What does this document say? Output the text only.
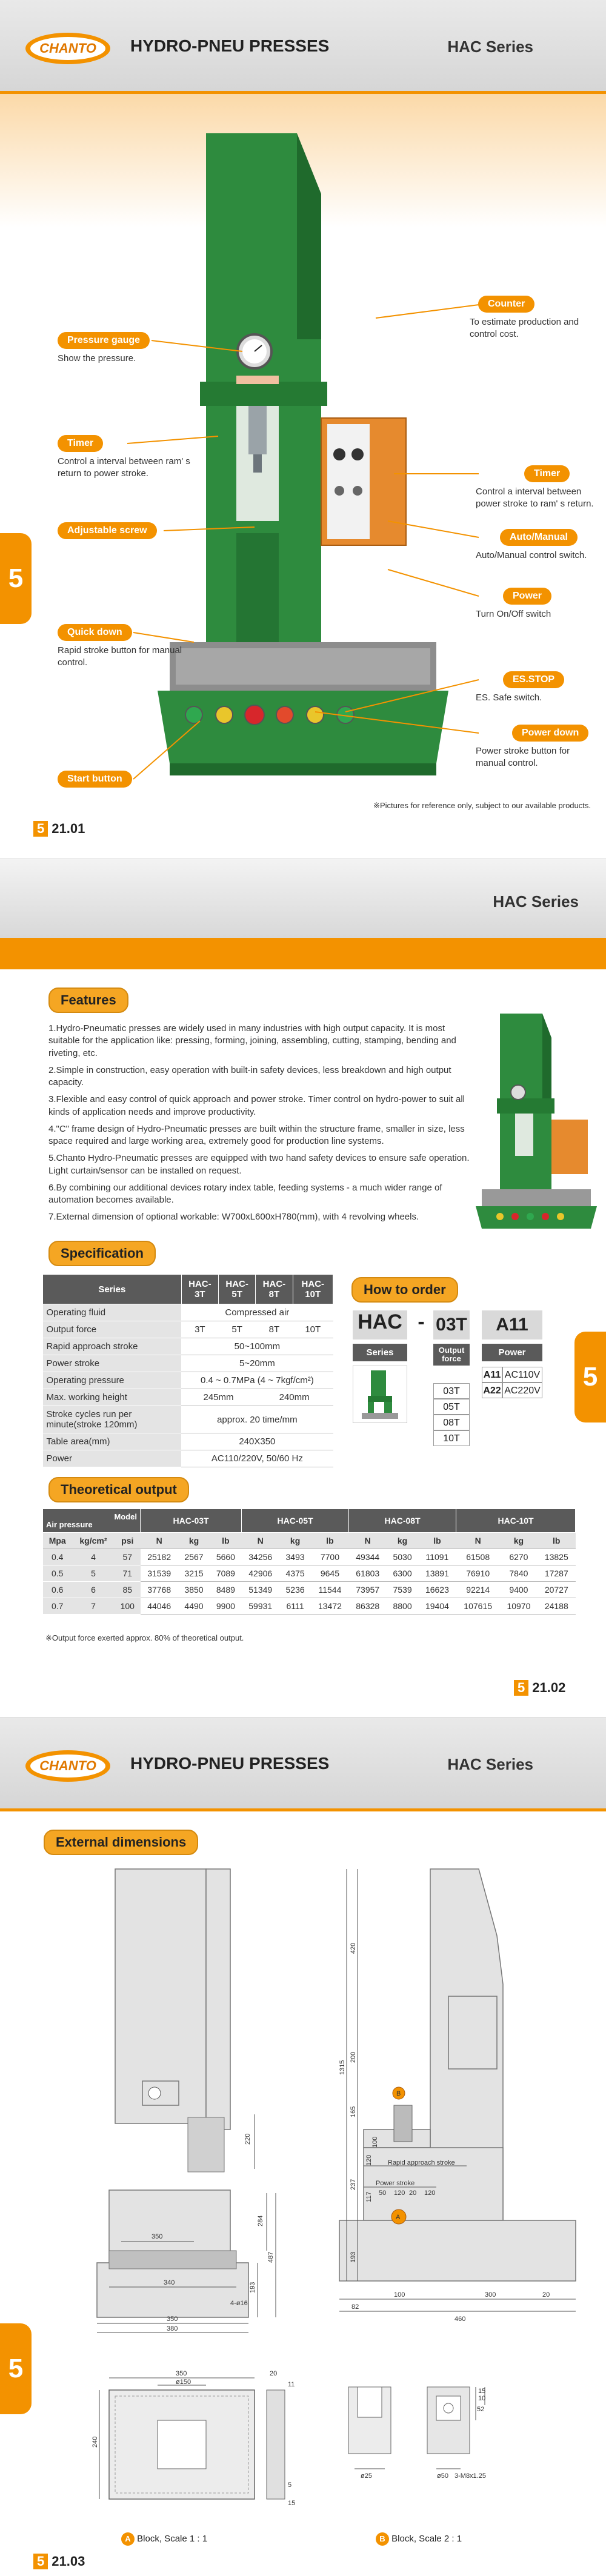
CHANTO HYDRO-PNEU PRESSES	HAC Series
5
Pressure gauge
Show the pressure.
Timer
Control a interval between ram' s return to power stroke.
Adjustable screw
Quick down
Rapid stroke button for manual control.
Start button
Counter
To estimate production and control cost.
Timer
Control a interval between power stroke to ram' s return.
Auto/Manual
Auto/Manual control switch.
Power
Turn On/Off switch
ES.STOP
ES. Safe switch.
Power down
Power stroke button for manual control.
※Pictures for reference only, subject to our available products.
5 21.01
HAC Series
5
Features
1.Hydro-Pneumatic presses are widely used in many industries with high output capacity. It is most suitable for the application like: pressing, forming, joining, assembling, cutting, stamping, bending and riveting, etc.
2.Simple in construction, easy operation with built-in safety devices, less breakdown and high output capacity.
3.Flexible and easy control of quick approach and power stroke. Timer control on hydro-power to suit all kinds of application needs and improve productivity.
4."C" frame design of Hydro-Pneumatic presses are built within the structure frame, smaller in size, less space required and large working area, extremely good for production line systems.
5.Chanto Hydro-Pneumatic presses are equipped with two hand safety devices to ensure safe operation. Light curtain/sensor can be installed on request.
6.By combining our additional devices rotary index table, feeding systems - a much wider range of automation becomes available.
7.External dimension of optional workable: W700xL600xH780(mm), with 4 revolving wheels.
Specification
Series	HAC-3T	HAC-5T	HAC-8T	HAC-10T
Operating fluid	Compressed air			
Output force	3T	5T	8T	10T
Rapid approach stroke	50~100mm			
Power stroke	5~20mm			
Operating pressure	0.4 ~ 0.7MPa (4 ~ 7kgf/cm²)			
Max. working height	245mm		240mm	
Stroke cycles run per minute(stroke 120mm)	approx. 20 time/mm			
Table area(mm)	240X350			
Power	AC110/220V, 50/60 Hz			
How to order
HAC - 03T	A11
Series	Output force
Power
03T
05T
08T
10T
A11 AC110V
A22 AC220V
Theoretical output
Model
Air pressure			HAC-03T			HAC-05T			HAC-08T			HAC-10T		
Mpa	kg/cm²	psi	N	kg	lb	N	kg	lb	N	kg	lb	N	kg	lb
0.4	4	57	25182	2567	5660	34256	3493	7700	49344	5030	11091	61508	6270	13825
0.5	5	71	31539	3215	7089	42906	4375	9645	61803	6300	13891	76910	7840	17287
0.6	6	85	37768	3850	8489	51349	5236	11544	73957	7539	16623	92214	9400	20727
0.7	7	100	44046	4490	9900	59931	6111	13472	86328	8800	19404	107615	10970	24188
※Output force exerted approx. 80% of theoretical output.
5 21.02
CHANTO HYDRO-PNEU PRESSES	HAC Series
External dimensions
5
220
284
487
193
350
340
350
380
4-ø16
A
420
200
1315
165
100
120
237
117
193
Rapid approach stroke
Power stroke
50 120 20 120
100	300	20
82
460
B
350
ø150
20
11
240
5
15
52
10
15
ø50
ø25	3-M8x1.25
A Block, Scale 1 : 1	B Block, Scale 2 : 1
5 21.03
